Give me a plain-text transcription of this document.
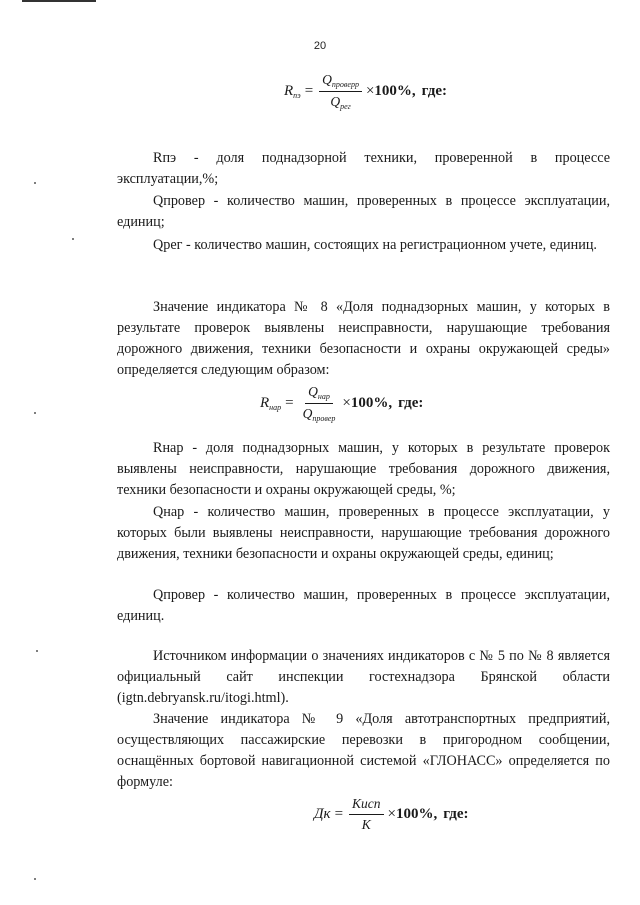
20
$R_{пэ} = \frac{Q_{проверр}}{Q_{рег}} \times 100\%$, где:

Rпэ - доля поднадзорной техники, проверенной в процессе эксплуатации,%;

Qпровер - количество машин, проверенных в процессе эксплуатации, единиц;

Qрег - количество машин, состоящих на регистрационном учете, единиц.

Значение индикатора № 8 «Доля поднадзорных машин, у которых в результате проверок выявлены неисправности, нарушающие требования дорожного движения, техники безопасности и охраны окружающей среды» определяется следующим образом:

$R_{нар} = \frac{Q_{нар}}{Q_{провер}} \times 100\%$, где:

Rнар - доля поднадзорных машин, у которых в результате проверок выявлены неисправности, нарушающие требования дорожного движения, техники безопасности и охраны окружающей среды, %;

Qнар - количество машин, проверенных в процессе эксплуатации, у которых были выявлены неисправности, нарушающие требования дорожного движения, техники безопасности и охраны окружающей среды, единиц;

Qпровер - количество машин, проверенных в процессе эксплуатации, единиц.

Источником информации о значениях индикаторов с № 5 по № 8 является официальный сайт инспекции гостехнадзора Брянской области (igtn.debryansk.ru/itogi.html).

Значение индикатора № 9 «Доля автотранспортных предприятий, осуществляющих пассажирские перевозки в пригородном сообщении, оснащённых бортовой навигационной системой «ГЛОНАСС» определяется по формуле:

Дк = $\frac{\text{Кисп}}{К} \times 100\%$, где:
